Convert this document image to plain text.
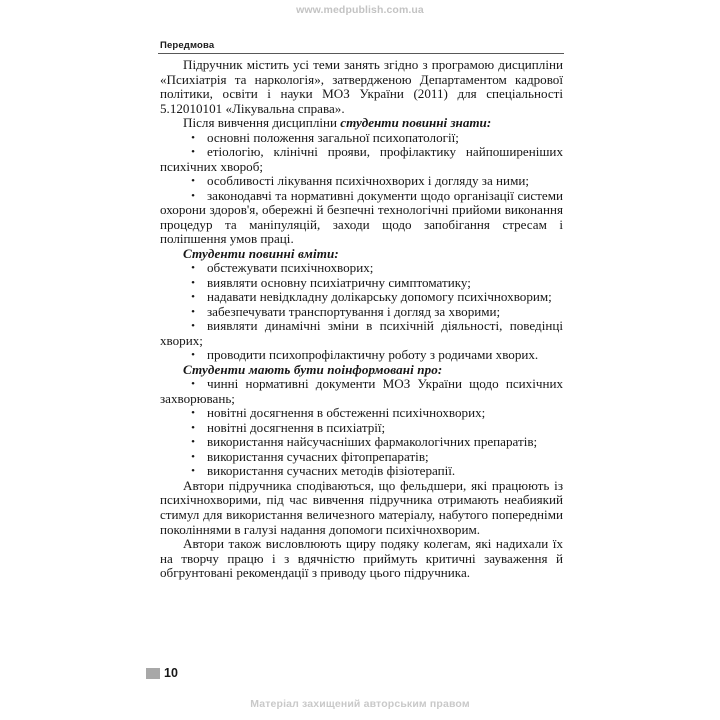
www.medpublish.com.ua
Передмова

Підручник містить усі теми занять згідно з програмою дисципліни «Психіатрія та наркологія», затвердженою Департаментом кадрової політики, освіти і науки МОЗ України (2011) для спеціальності 5.12010101 «Лікувальна справа».

Після вивчення дисципліни студенти повинні знати:

• основні положення загальної психопатології;
• етіологію, клінічні прояви, профілактику найпоширеніших психічних хвороб;
• особливості лікування психічнохворих і догляду за ними;
• законодавчі та нормативні документи щодо організації системи охорони здоров'я, обережні й безпечні технологічні прийоми виконання процедур та маніпуляцій, заходи щодо запобігання стресам і поліпшення умов праці.

Студенти повинні вміти:

• обстежувати психічнохворих;
• виявляти основну психіатричну симптоматику;
• надавати невідкладну долікарську допомогу психічнохворим;
• забезпечувати транспортування і догляд за хворими;
• виявляти динамічні зміни в психічній діяльності, поведінці хворих;
• проводити психопрофілактичну роботу з родичами хворих.

Студенти мають бути поінформовані про:

• чинні нормативні документи МОЗ України щодо психічних захворювань;
• новітні досягнення в обстеженні психічнохворих;
• новітні досягнення в психіатрії;
• використання найсучасніших фармакологічних препаратів;
• використання сучасних фітопрепаратів;
• використання сучасних методів фізіотерапії.

Автори підручника сподіваються, що фельдшери, які працюють із психічнохворими, під час вивчення підручника отримають неабиякий стимул для використання величезного матеріалу, набутого попередніми поколіннями в галузі надання допомоги психічнохворим.

Автори також висловлюють щиру подяку колегам, які надихали їх на творчу працю і з вдячністю приймуть критичні зауваження й обгрунтовані рекомендації з приводу цього підручника.

10
Матеріал захищений авторським правом
